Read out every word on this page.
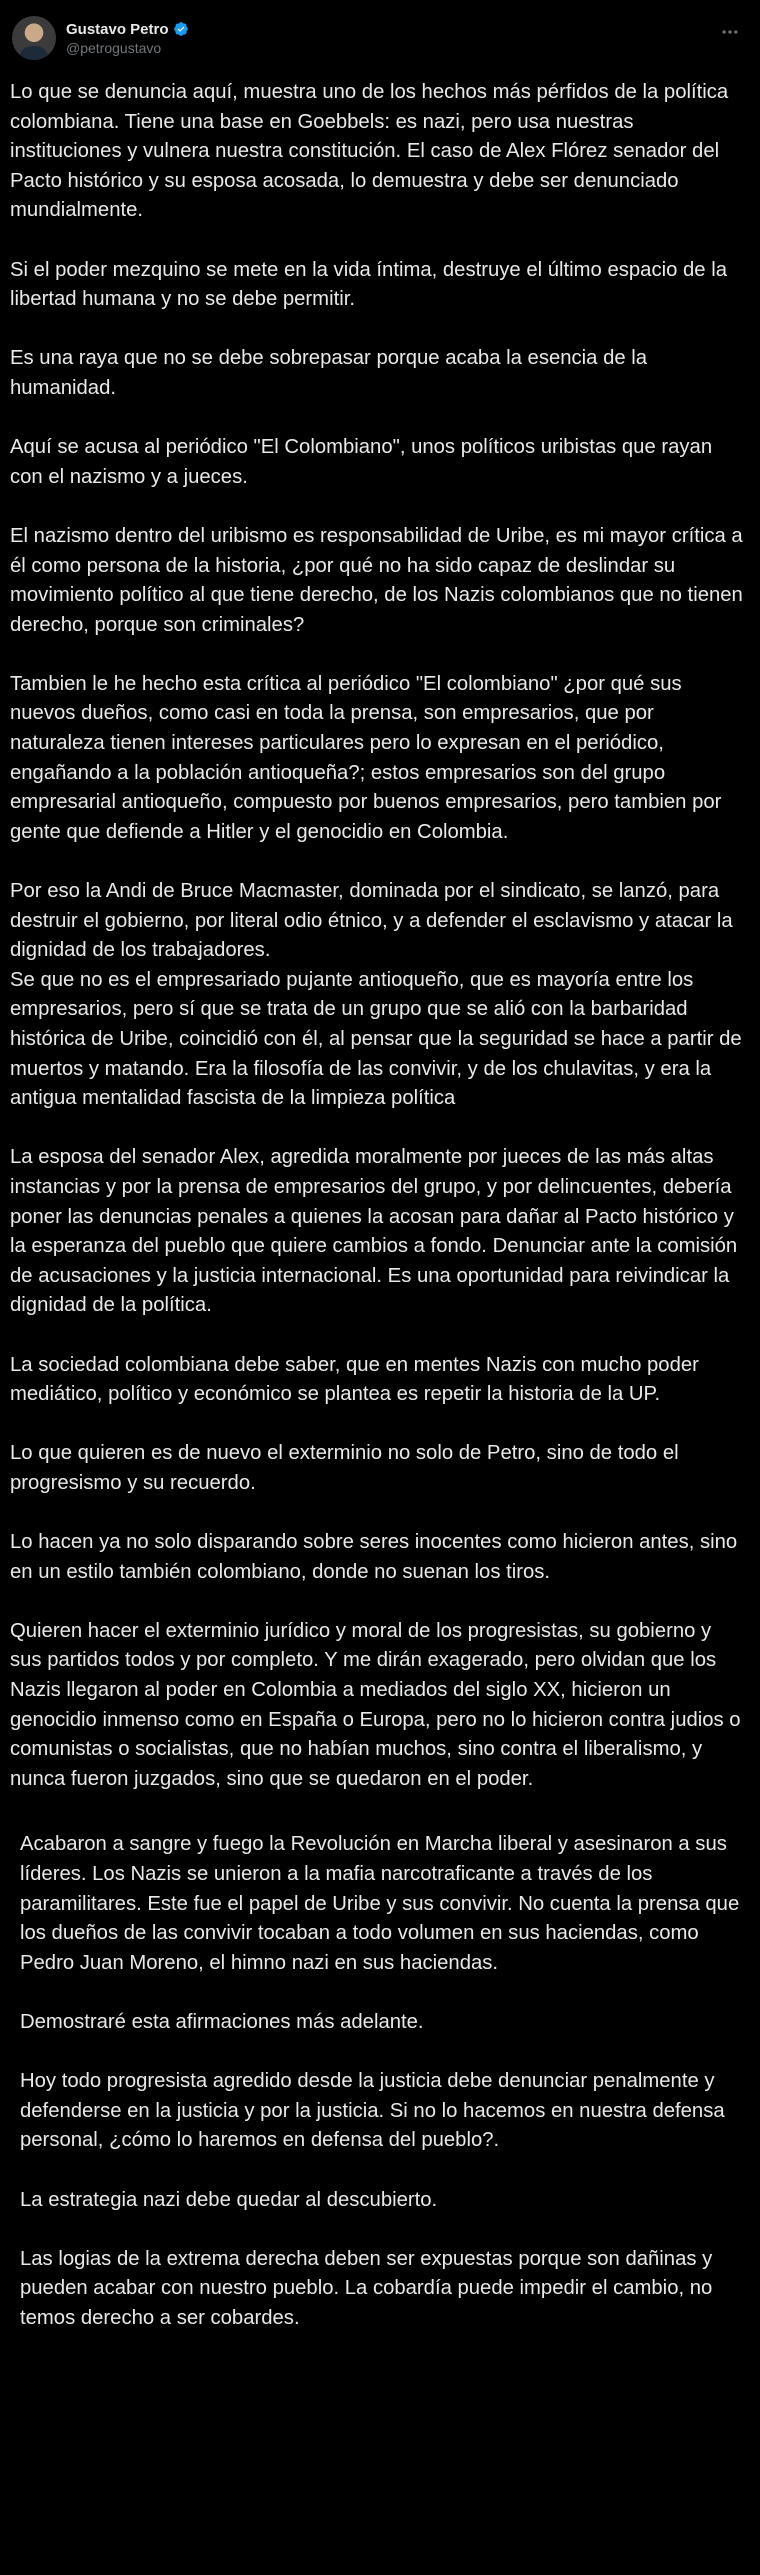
Gustavo Petro
@petrogustavo

Lo que se denuncia aquí, muestra uno de los hechos más pérfidos de la política colombiana. Tiene una base en Goebbels: es nazi, pero usa nuestras instituciones y vulnera nuestra constitución. El caso de Alex Flórez senador del Pacto histórico y su esposa acosada, lo demuestra y debe ser denunciado mundialmente.

Si el poder mezquino se mete en la vida íntima, destruye el último espacio de la libertad humana y no se debe permitir.

Es una raya que no se debe sobrepasar porque acaba la esencia de la humanidad.

Aquí se acusa al periódico "El Colombiano", unos políticos uribistas que rayan con el nazismo y a jueces.

El nazismo dentro del uribismo es responsabilidad de Uribe, es mi mayor crítica a él como persona de la historia, ¿por qué no ha sido capaz de deslindar su movimiento político al que tiene derecho, de los Nazis colombianos que no tienen derecho, porque son criminales?

Tambien le he hecho esta crítica al periódico "El colombiano" ¿por qué sus nuevos dueños, como casi en toda la prensa, son empresarios, que por naturaleza tienen intereses particulares pero lo expresan en el periódico, engañando a la población antioqueña?; estos empresarios son del grupo empresarial antioqueño, compuesto por buenos empresarios, pero tambien por gente que defiende a Hitler y el genocidio en Colombia.

Por eso la Andi de Bruce Macmaster, dominada por el sindicato, se lanzó, para destruir el gobierno, por literal odio étnico, y a defender el esclavismo y atacar la dignidad de los trabajadores.

Se que no es el empresariado pujante antioqueño, que es mayoría entre los empresarios, pero sí que se trata de un grupo que se alió con la barbaridad histórica de Uribe, coincidió con él, al pensar que la seguridad se hace a partir de muertos y matando. Era la filosofía de las convivir, y de los chulavitas, y era la antigua mentalidad fascista de la limpieza política

La esposa del senador Alex, agredida moralmente por jueces de las más altas instancias y por la prensa de empresarios del grupo, y por delincuentes, debería poner las denuncias penales a quienes la acosan para dañar al Pacto histórico y la esperanza del pueblo que quiere cambios a fondo. Denunciar ante la comisión de acusaciones y la justicia internacional. Es una oportunidad para reivindicar la dignidad de la política.

La sociedad colombiana debe saber, que en mentes Nazis con mucho poder mediático, político y económico se plantea es repetir la historia de la UP.

Lo que quieren es de nuevo el exterminio no solo de Petro, sino de todo el progresismo y su recuerdo.

Lo hacen ya no solo disparando sobre seres inocentes como hicieron antes, sino en un estilo también colombiano, donde no suenan los tiros.

Quieren hacer el exterminio jurídico y moral de los progresistas, su gobierno y sus partidos todos y por completo. Y me dirán exagerado, pero olvidan que los Nazis llegaron al poder en Colombia a mediados del siglo XX, hicieron un genocidio inmenso como en España o Europa, pero no lo hicieron contra judios o comunistas o socialistas, que no habían muchos, sino contra el liberalismo, y nunca fueron juzgados, sino que se quedaron en el poder.

Acabaron a sangre y fuego la Revolución en Marcha liberal y asesinaron a sus líderes. Los Nazis se unieron a la mafia narcotraficante a través de los paramilitares. Este fue el papel de Uribe y sus convivir. No cuenta la prensa que los dueños de las convivir tocaban a todo volumen en sus haciendas, como Pedro Juan Moreno, el himno nazi en sus haciendas.

Demostraré esta afirmaciones más adelante.

Hoy todo progresista agredido desde la justicia debe denunciar penalmente y defenderse en la justicia y por la justicia. Si no lo hacemos en nuestra defensa personal, ¿cómo lo haremos en defensa del pueblo?.

La estrategia nazi debe quedar al descubierto.

Las logias de la extrema derecha deben ser expuestas porque son dañinas y pueden acabar con nuestro pueblo. La cobardía puede impedir el cambio, no temos derecho a ser cobardes.
